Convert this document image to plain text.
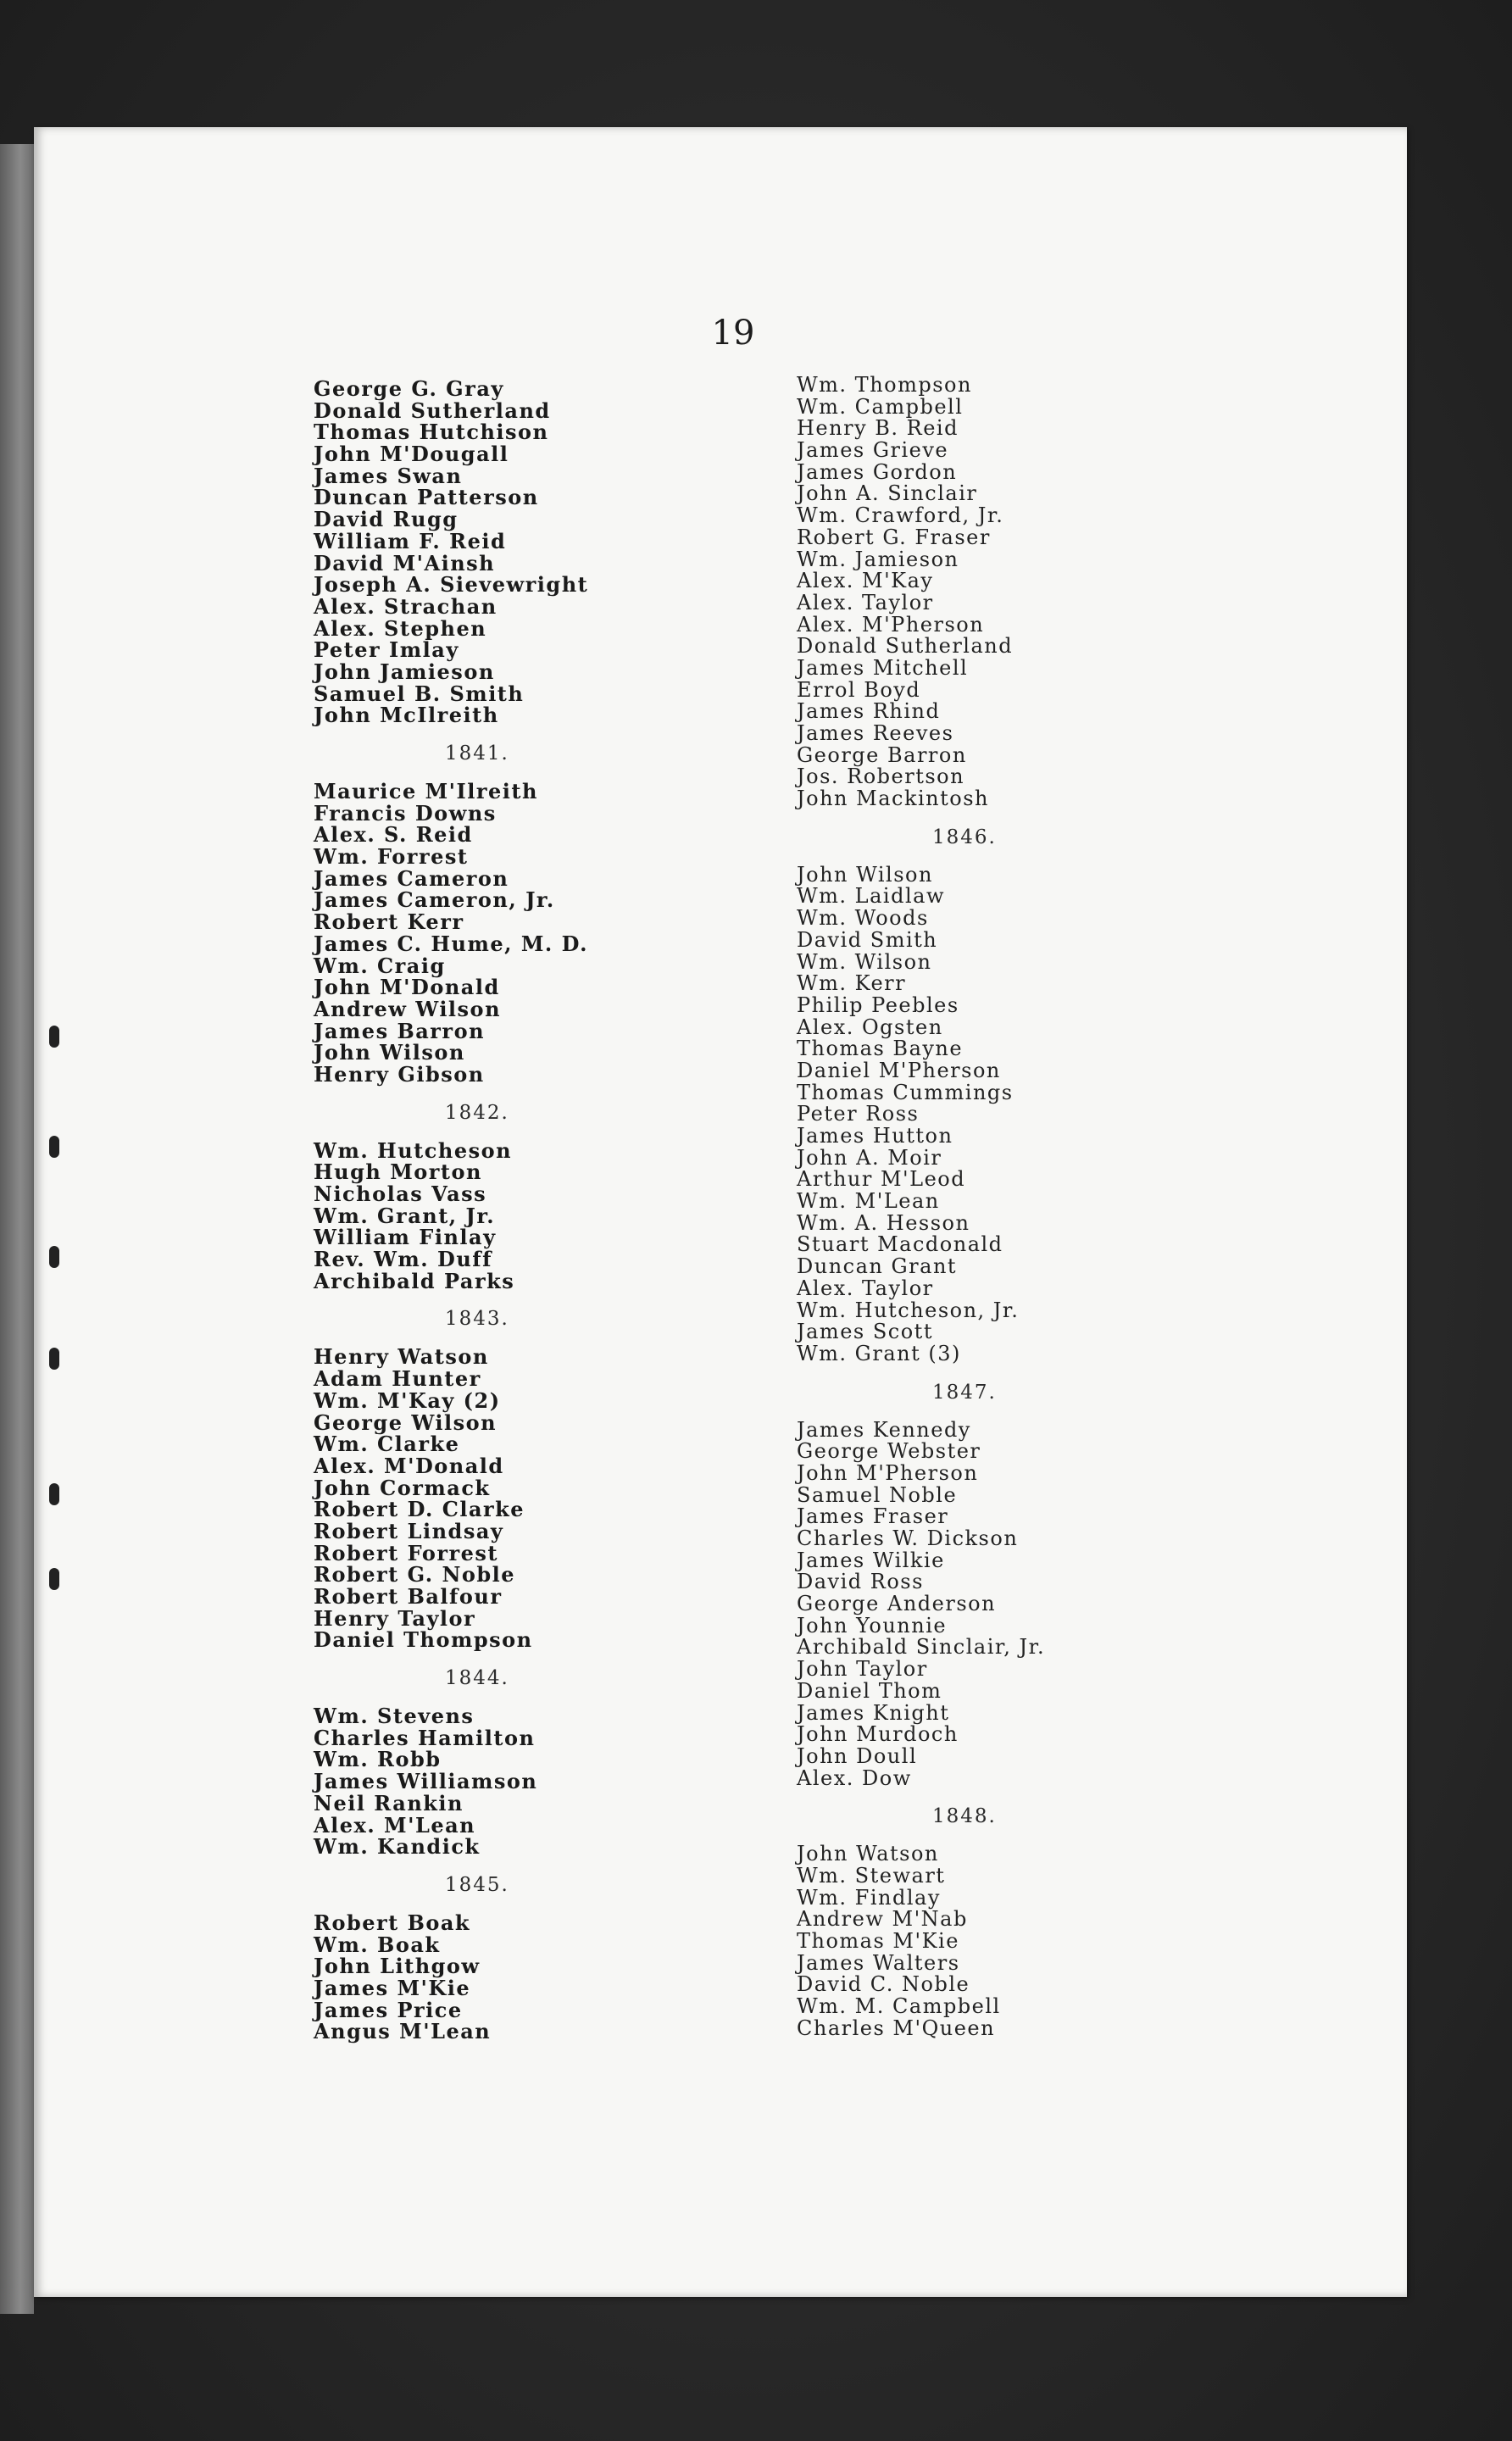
19
George G. Gray
Donald Sutherland
Thomas Hutchison
John M'Dougall
James Swan
Duncan Patterson
David Rugg
William F. Reid
David M'Ainsh
Joseph A. Sievewright
Alex. Strachan
Alex. Stephen
Peter Imlay
John Jamieson
Samuel B. Smith
John McIlreith
1841.
Maurice M'Ilreith
Francis Downs
Alex. S. Reid
Wm. Forrest
James Cameron
James Cameron, Jr.
Robert Kerr
James C. Hume, M. D.
Wm. Craig
John M'Donald
Andrew Wilson
James Barron
John Wilson
Henry Gibson
1842.
Wm. Hutcheson
Hugh Morton
Nicholas Vass
Wm. Grant, Jr.
William Finlay
Rev. Wm. Duff
Archibald Parks
1843.
Henry Watson
Adam Hunter
Wm. M'Kay (2)
George Wilson
Wm. Clarke
Alex. M'Donald
John Cormack
Robert D. Clarke
Robert Lindsay
Robert Forrest
Robert G. Noble
Robert Balfour
Henry Taylor
Daniel Thompson
1844.
Wm. Stevens
Charles Hamilton
Wm. Robb
James Williamson
Neil Rankin
Alex. M'Lean
Wm. Kandick
1845.
Robert Boak
Wm. Boak
John Lithgow
James M'Kie
James Price
Angus M'Lean
Wm. Thompson
Wm. Campbell
Henry B. Reid
James Grieve
James Gordon
John A. Sinclair
Wm. Crawford, Jr.
Robert G. Fraser
Wm. Jamieson
Alex. M'Kay
Alex. Taylor
Alex. M'Pherson
Donald Sutherland
James Mitchell
Errol Boyd
James Rhind
James Reeves
George Barron
Jos. Robertson
John Mackintosh
1846.
John Wilson
Wm. Laidlaw
Wm. Woods
David Smith
Wm. Wilson
Wm. Kerr
Philip Peebles
Alex. Ogsten
Thomas Bayne
Daniel M'Pherson
Thomas Cummings
Peter Ross
James Hutton
John A. Moir
Arthur M'Leod
Wm. M'Lean
Wm. A. Hesson
Stuart Macdonald
Duncan Grant
Alex. Taylor
Wm. Hutcheson, Jr.
James Scott
Wm. Grant (3)
1847.
James Kennedy
George Webster
John M'Pherson
Samuel Noble
James Fraser
Charles W. Dickson
James Wilkie
David Ross
George Anderson
John Younnie
Archibald Sinclair, Jr.
John Taylor
Daniel Thom
James Knight
John Murdoch
John Doull
Alex. Dow
1848.
John Watson
Wm. Stewart
Wm. Findlay
Andrew M'Nab
Thomas M'Kie
James Walters
David C. Noble
Wm. M. Campbell
Charles M'Queen
